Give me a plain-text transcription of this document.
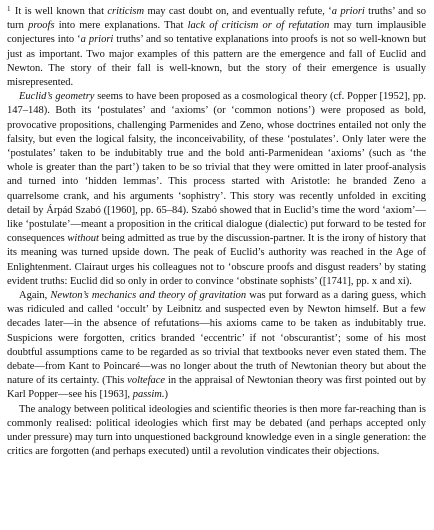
$^1$ It is well known that criticism may cast doubt on, and eventually refute, ‘a priori truths’ and so turn proofs into mere explanations. That lack of criticism or of refutation may turn implausible conjectures into ‘a priori truths’ and so tentative explanations into proofs is not so well-known but just as important. Two major examples of this pattern are the emergence and fall of Euclid and Newton. The story of their fall is well-known, but the story of their emergence is usually misrepresented.

Euclid’s geometry seems to have been proposed as a cosmological theory (cf. Popper [1952], pp. 147–148). Both its ‘postulates’ and ‘axioms’ (or ‘common notions’) were proposed as bold, provocative propositions, challenging Parmenides and Zeno, whose doctrines entailed not only the falsity, but even the logical falsity, the inconceivability, of these ‘postulates’. Only later were the ‘postulates’ taken to be indubitably true and the bold anti-Parmenidean ‘axioms’ (such as ‘the whole is greater than the part’) taken to be so trivial that they were omitted in later proof-analysis and turned into ‘hidden lemmas’. This process started with Aristotle: he branded Zeno a quarrelsome crank, and his arguments ‘sophistry’. This story was recently unfolded in exciting detail by Árpád Szabó ([1960], pp. 65–84). Szabó showed that in Euclid’s time the word ‘axiom’—like ‘postulate’—meant a proposition in the critical dialogue (dialectic) put forward to be tested for consequences without being admitted as true by the discussion-partner. It is the irony of history that its meaning was turned upside down. The peak of Euclid’s authority was reached in the Age of Enlightenment. Clairaut urges his colleagues not to ‘obscure proofs and disgust readers’ by stating evident truths: Euclid did so only in order to convince ‘obstinate sophists’ ([1741], pp. x and xi).

Again, Newton’s mechanics and theory of gravitation was put forward as a daring guess, which was ridiculed and called ‘occult’ by Leibnitz and suspected even by Newton himself. But a few decades later—in the absence of refutations—his axioms came to be taken as indubitably true. Suspicions were forgotten, critics branded ‘eccentric’ if not ‘obscurantist’; some of his most doubtful assumptions came to be regarded as so trivial that textbooks never even stated them. The debate—from Kant to Poincaré—was no longer about the truth of Newtonian theory but about the nature of its certainty. (This volteface in the appraisal of Newtonian theory was first pointed out by Karl Popper—see his [1963], passim.)

The analogy between political ideologies and scientific theories is then more far-reaching than is commonly realised: political ideologies which first may be debated (and perhaps accepted only under pressure) may turn into unquestioned background knowledge even in a single generation: the critics are forgotten (and perhaps executed) until a revolution vindicates their objections.
